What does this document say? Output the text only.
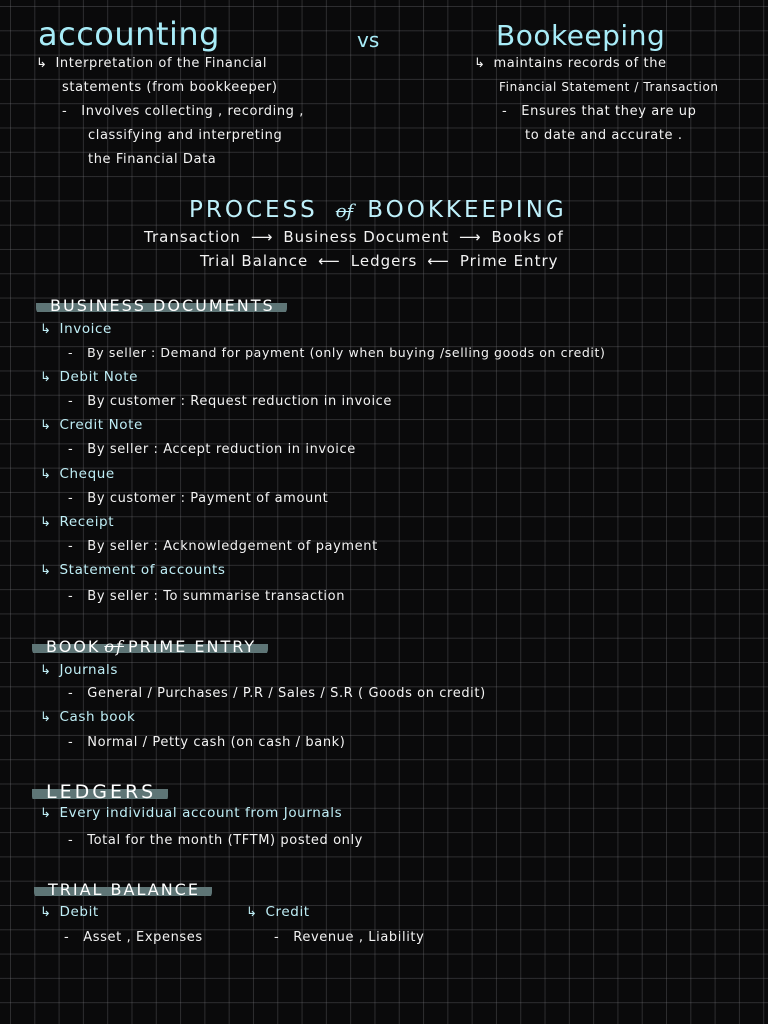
accounting	vs	Bookeeping
↳ Interpretation of the Financial
statements (from bookkeeper)
- Involves collecting , recording ,
classifying and interpreting
the Financial Data
↳ maintains records of the
Financial Statement / Transaction
- Ensures that they are up
to date and accurate .
PROCESS of BOOKKEEPING
Transaction ⟶ Business Document ⟶ Books of
Trial Balance ⟵ Ledgers ⟵ Prime Entry
BUSINESS DOCUMENTS
↳ Invoice
- By seller : Demand for payment (only when buying /selling goods on credit)
↳ Debit Note
- By customer : Request reduction in invoice
↳ Credit Note
- By seller : Accept reduction in invoice
↳ Cheque
- By customer : Payment of amount
↳ Receipt
- By seller : Acknowledgement of payment
↳ Statement of accounts
- By seller : To summarise transaction
BOOK of PRIME ENTRY
↳ Journals
- General / Purchases / P.R / Sales / S.R ( Goods on credit)
↳ Cash book
- Normal / Petty cash (on cash / bank)
LEDGERS
↳ Every individual account from Journals
- Total for the month (TFTM) posted only
TRIAL BALANCE
↳ Debit
- Asset , Expenses
↳ Credit
- Revenue , Liability
